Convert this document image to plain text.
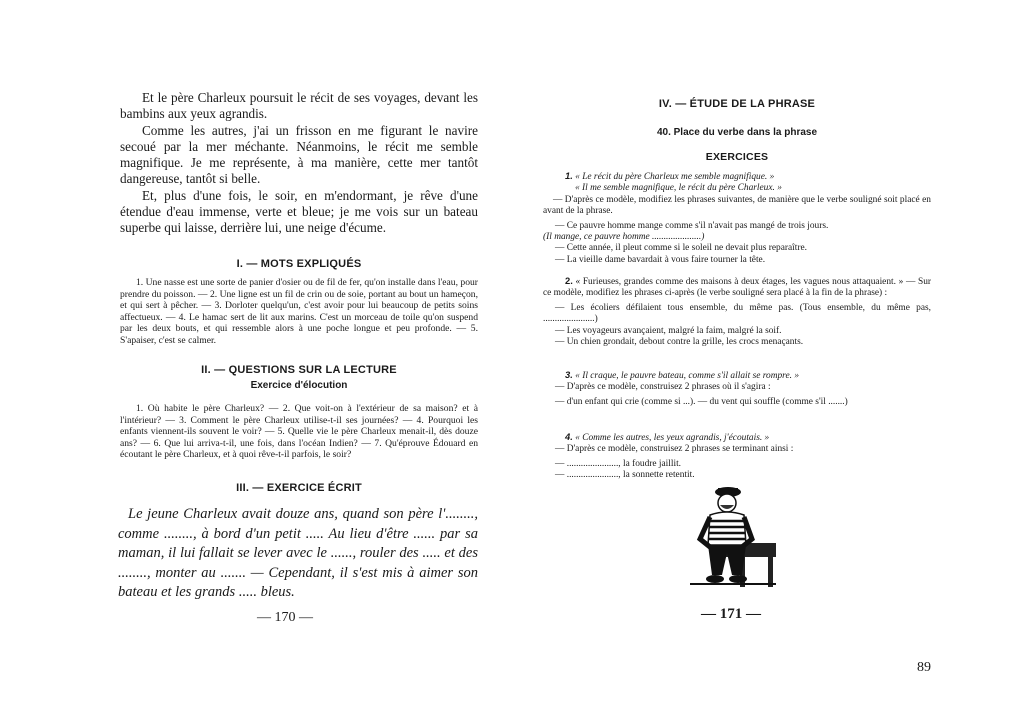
Et le père Charleux poursuit le récit de ses voyages, devant les bambins aux yeux agrandis.

Comme les autres, j'ai un frisson en me figurant le navire secoué par la mer méchante. Néanmoins, le récit me semble magnifique. Je me représente, à ma manière, cette mer tantôt dangereuse, tantôt si belle.

Et, plus d'une fois, le soir, en m'endormant, je rêve d'une étendue d'eau immense, verte et bleue; je me vois sur un bateau superbe qui laisse, derrière lui, une neige d'écume.

I. — MOTS EXPLIQUÉS

1. Une nasse est une sorte de panier d'osier ou de fil de fer, qu'on installe dans l'eau, pour prendre du poisson. — 2. Une ligne est un fil de crin ou de soie, portant au bout un hameçon, et qui sert à pêcher. — 3. Dorloter quelqu'un, c'est avoir pour lui beaucoup de petits soins affectueux. — 4. Le hamac sert de lit aux marins. C'est un morceau de toile qu'on suspend par les deux bouts, et qui ressemble alors à une poche longue et peu profonde. — 5. S'apaiser, c'est se calmer.

II. — QUESTIONS SUR LA LECTURE
Exercice d'élocution

1. Où habite le père Charleux? — 2. Que voit-on à l'extérieur de sa maison? et à l'intérieur? — 3. Comment le père Charleux utilise-t-il ses journées? — 4. Pourquoi les enfants viennent-ils souvent le voir? — 5. Quelle vie le père Charleux menait-il, dès douze ans? — 6. Que lui arriva-t-il, une fois, dans l'océan Indien? — 7. Qu'éprouve Édouard en écoutant le père Charleux, et à quoi rêve-t-il parfois, le soir?

III. — EXERCICE ÉCRIT

Le jeune Charleux avait douze ans, quand son père l'........, comme ........, à bord d'un petit ..... Au lieu d'être ...... par sa maman, il lui fallait se lever avec le ......, rouler des ..... et des ........, monter au ....... — Cependant, il s'est mis à aimer son bateau et les grands ..... bleus.

— 170 —
IV. — ÉTUDE DE LA PHRASE
40. Place du verbe dans la phrase
EXERCICES
1. « Le récit du père Charleux me semble magnifique. »
« Il me semble magnifique, le récit du père Charleux. »
— D'après ce modèle, modifiez les phrases suivantes, de manière que le verbe souligné soit placé en avant de la phrase.
— Ce pauvre homme mange comme s'il n'avait pas mangé de trois jours.
(Il mange, ce pauvre homme .....................)
— Cette année, il pleut comme si le soleil ne devait plus reparaître.
— La vieille dame bavardait à vous faire tourner la tête.
2. « Furieuses, grandes comme des maisons à deux étages, les vagues nous attaquaient. » — Sur ce modèle, modifiez les phrases ci-après (le verbe souligné sera placé à la fin de la phrase) :
— Les écoliers défilaient tous ensemble, du même pas. (Tous ensemble, du même pas, ......................)
— Les voyageurs avançaient, malgré la faim, malgré la soif.
— Un chien grondait, debout contre la grille, les crocs menaçants.
3. « Il craque, le pauvre bateau, comme s'il allait se rompre. »
— D'après ce modèle, construisez 2 phrases où il s'agira :
— d'un enfant qui crie (comme si ...). — du vent qui souffle (comme s'il .......)
4. « Comme les autres, les yeux agrandis, j'écoutais. »
— D'après ce modèle, construisez 2 phrases se terminant ainsi :
— ......................, la foudre jaillit.
— ......................, la sonnette retentit.
— 171 —
89
